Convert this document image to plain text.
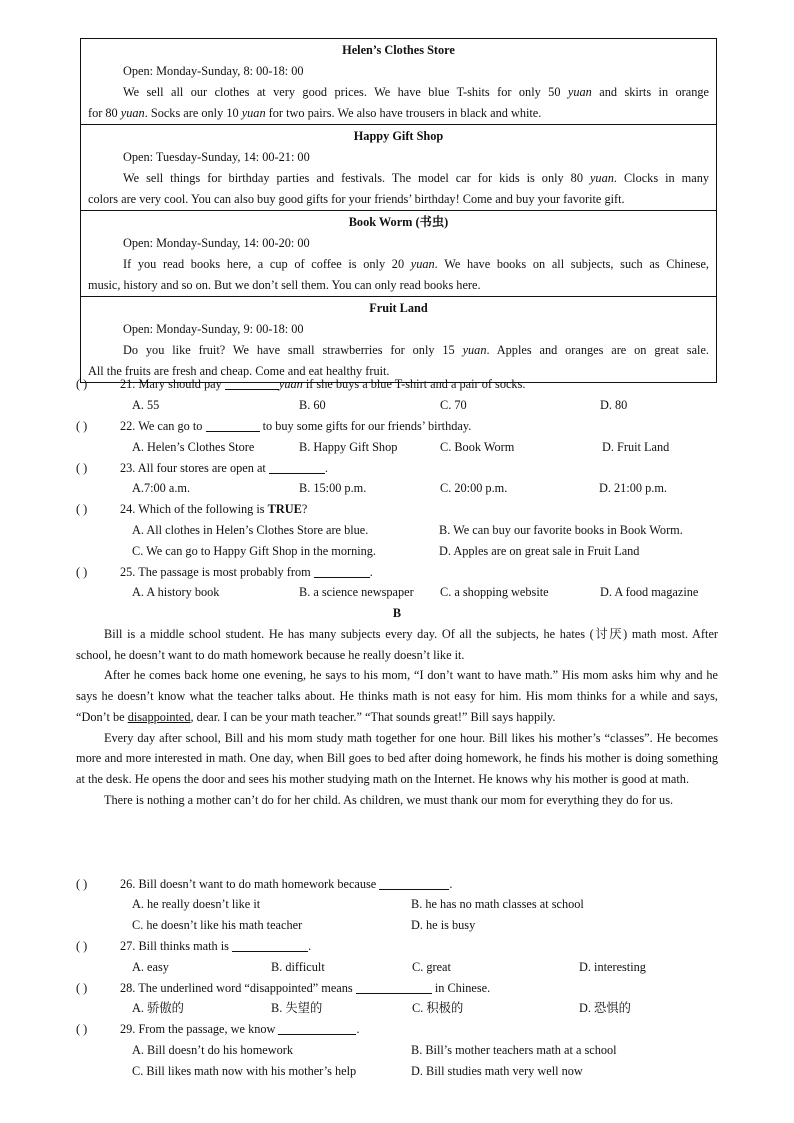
Helen’s Clothes Store
Open: Monday-Sunday, 8: 00-18: 00
We sell all our clothes at very good prices. We have blue T-shits for only 50 yuan and skirts in orange
for 80 yuan. Socks are only 10 yuan for two pairs. We also have trousers in black and white.
Happy Gift Shop
Open: Tuesday-Sunday, 14: 00-21: 00
We sell things for birthday parties and festivals. The model car for kids is only 80 yuan. Clocks in many
colors are very cool. You can also buy good gifts for your friends’ birthday! Come and buy your favorite gift.
Book Worm (书虫)
Open: Monday-Sunday, 14: 00-20: 00
If you read books here, a cup of coffee is only 20 yuan. We have books on all subjects, such as Chinese,
music, history and so on. But we don’t sell them. You can only read books here.
Fruit Land
Open: Monday-Sunday, 9: 00-18: 00
Do you like fruit? We have small strawberries for only 15 yuan. Apples and oranges are on great sale.
All the fruits are fresh and cheap. Come and eat healthy fruit.
( )	21. Mary should pay	yuan if she buys a blue T-shirt and a pair of socks.
A. 55	B. 60	C. 70	D. 80
( )	22. We can go to	to buy some gifts for our friends’ birthday.
A. Helen’s Clothes Store	B. Happy Gift Shop	C. Book Worm	D. Fruit Land
( )	23. All four stores are open at	.
A.7:00 a.m.	B. 15:00 p.m.	C. 20:00 p.m.	D. 21:00 p.m.
( )	24. Which of the following is TRUE?
A. All clothes in Helen’s Clothes Store are blue.	B. We can buy our favorite books in Book Worm.
C. We can go to Happy Gift Shop in the morning.	D. Apples are on great sale in Fruit Land
( )	25. The passage is most probably from	.
A. A history book	B. a science newspaper C. a shopping website	D. A food magazine
B

Bill is a middle school student. He has many subjects every day. Of all the subjects, he hates (讨厌) math most. After school, he doesn’t want to do math homework because he really doesn’t like it.

After he comes back home one evening, he says to his mom, “I don’t want to have math.” His mom asks him why and he says he doesn’t know what the teacher talks about. He thinks math is not easy for him. His mom thinks for a while and says, “Don’t be disappointed, dear. I can be your math teacher.” “That sounds great!” Bill says happily.

Every day after school, Bill and his mom study math together for one hour. Bill likes his mother’s “classes”. He becomes more and more interested in math. One day, when Bill goes to bed after doing homework, he finds his mother is doing something at the desk. He opens the door and sees his mother studying math on the Internet. He knows why his mother is good at math.

There is nothing a mother can’t do for her child. As children, we must thank our mom for everything they do for us.

( )	26. Bill doesn’t want to do math homework because	.
A. he really doesn’t like it	B. he has no math classes at school
C. he doesn’t like his math teacher	D. he is busy
( )	27. Bill thinks math is	.
A. easy	B. difficult	C. great	D. interesting
( )	28. The underlined word “disappointed” means	in Chinese.
A. 骄傲的	B. 失望的	C. 积极的	D. 恐惧的
( )	29. From the passage, we know	.
A. Bill doesn’t do his homework	B. Bill’s mother teachers math at a school
C. Bill likes math now with his mother’s help	D. Bill studies math very well now
